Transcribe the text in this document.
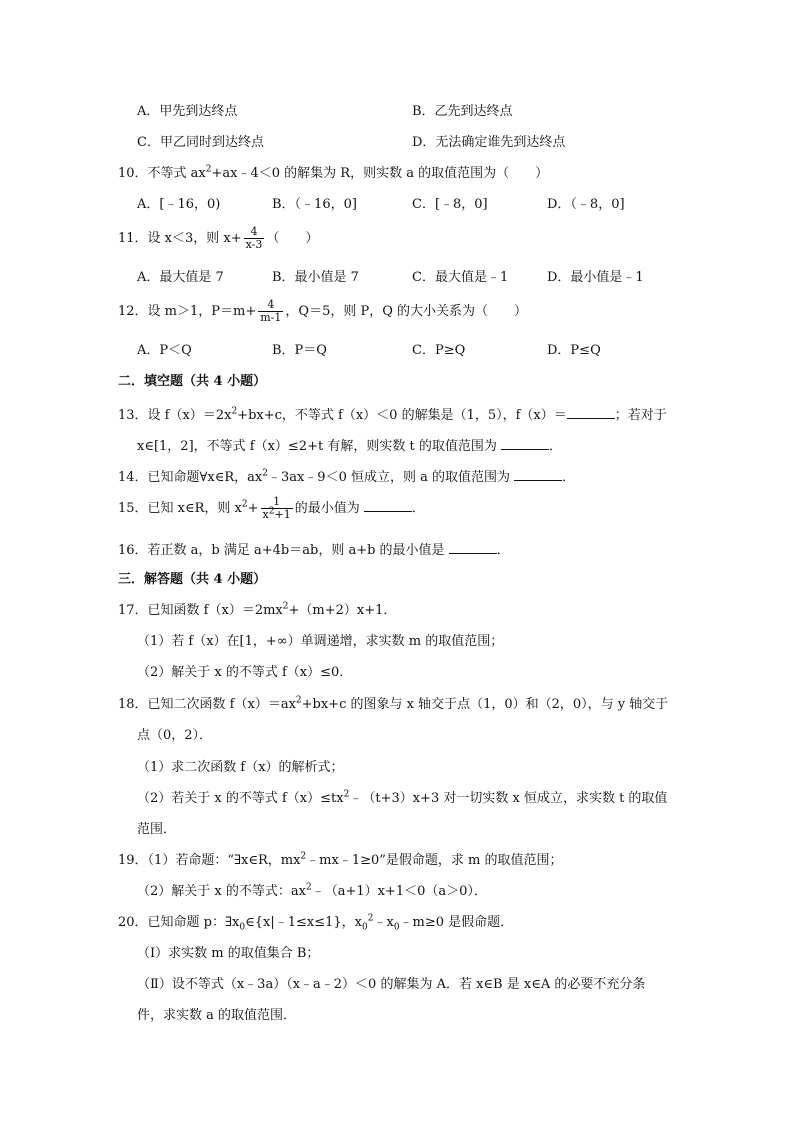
A．甲先到达终点	B．乙先到达终点
C．甲乙同时到达终点	D．无法确定谁先到达终点
10．不等式 $ax^2+ax﹣4<0$ 的解集为 R，则实数 a 的取值范围为（　　）
A．[﹣16，0)	B．（﹣16，0]	C．[﹣8，0]	D．（﹣8，0]
11．设 x＜3，则 $x+ \frac{4}{x-3}$ （　　）
A．最大值是 7	B．最小值是 7	C．最大值是﹣1	D．最小值是﹣1
12．设 m＞1，$P=m+ \frac{4}{m-1}$ ，Q＝5，则 P，Q 的大小关系为（　　）
A．P＜Q	B．P＝Q	C．P≥Q	D．P≤Q
二．填空题（共 4 小题）
13．设 $f(x)=2x^2+bx+c$，不等式 f（x）＜0 的解集是（1，5），f（x）＝	；若对于
x∈[1，2]，不等式 f（x）≤2+t 有解，则实数 t 的取值范围为	．
14．已知命题∀x∈R，$ax^2﹣3ax﹣9<0$ 恒成立，则 a 的取值范围为	．
15．已知 x∈R，则 $x^2+ \frac{1}{x^2+1}$ 的最小值为	．
16．若正数 a，b 满足 a+4b＝ab，则 a+b 的最小值是	．
三．解答题（共 4 小题）
17．已知函数 $f(x)=2mx^2+(m+2)x+1$．
（1）若 f（x）在[1，+∞）单调递增，求实数 m 的取值范围；
（2）解关于 x 的不等式 f（x）≤0．
18．已知二次函数 $f(x)=ax^2+bx+c$ 的图象与 x 轴交于点（1，0）和（2，0），与 y 轴交于
点（0，2）．
（1）求二次函数 f（x）的解析式；
（2）若关于 x 的不等式 $f(x)\le tx^2﹣(t+3)x+3$ 对一切实数 x 恒成立，求实数 t 的取值
范围．
19．（1）若命题：“∃x∈R，$mx^2﹣mx﹣1\ge 0$”是假命题，求 m 的取值范围；
（2）解关于 x 的不等式：$ax^2﹣(a+1)x+1<0(a>0)$．
20．已知命题 p：$\exists x_0\in\{x|﹣1\le x\le 1\}$，$x_0^2﹣x_0﹣m\ge 0$ 是假命题．
（Ⅰ）求实数 m 的取值集合 B；
（Ⅱ）设不等式（x﹣3a）（x﹣a﹣2）＜0 的解集为 A．若 x∈B 是 x∈A 的必要不充分条
件，求实数 a 的取值范围．
